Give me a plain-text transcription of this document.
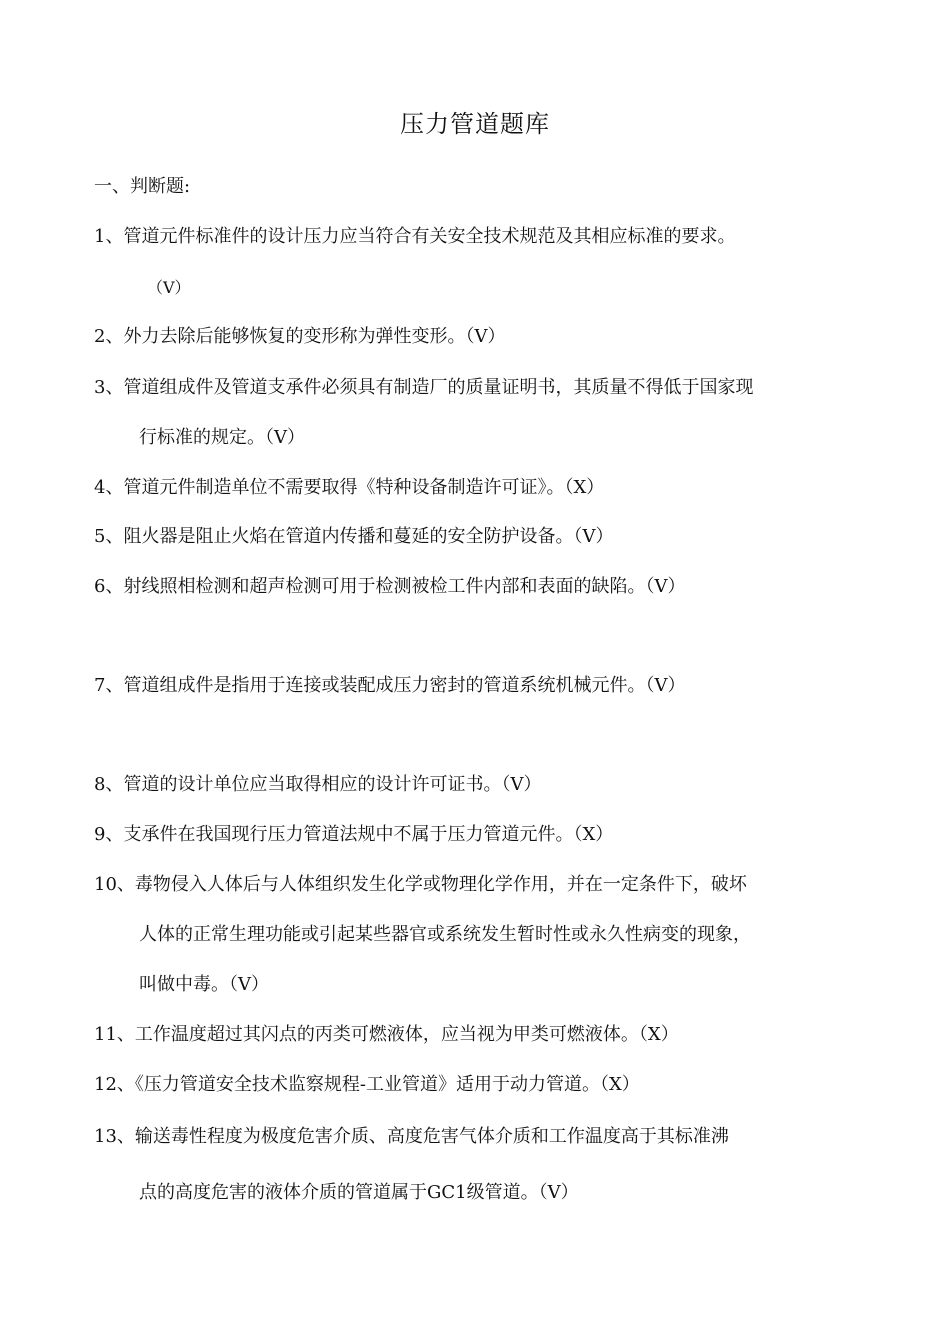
压力管道题库
一、判断题:
1、管道元件标准件的设计压力应当符合有关安全技术规范及其相应标准的要求。
（V）
2、外力去除后能够恢复的变形称为弹性变形。（V）
3、管道组成件及管道支承件必须具有制造厂的质量证明书，其质量不得低于国家现
行标准的规定。（V）
4、管道元件制造单位不需要取得《特种设备制造许可证》。（X）
5、阻火器是阻止火焰在管道内传播和蔓延的安全防护设备。（V）
6、射线照相检测和超声检测可用于检测被检工件内部和表面的缺陷。（V）
7、管道组成件是指用于连接或装配成压力密封的管道系统机械元件。（V）
8、管道的设计单位应当取得相应的设计许可证书。（V）
9、支承件在我国现行压力管道法规中不属于压力管道元件。（X）
10、毒物侵入人体后与人体组织发生化学或物理化学作用，并在一定条件下，破坏
人体的正常生理功能或引起某些器官或系统发生暂时性或永久性病变的现象，
叫做中毒。（V）
11、工作温度超过其闪点的丙类可燃液体，应当视为甲类可燃液体。（X）
12、《压力管道安全技术监察规程-工业管道》适用于动力管道。（X）
13、输送毒性程度为极度危害介质、高度危害气体介质和工作温度高于其标准沸
点的高度危害的液体介质的管道属于GC1级管道。（V）
